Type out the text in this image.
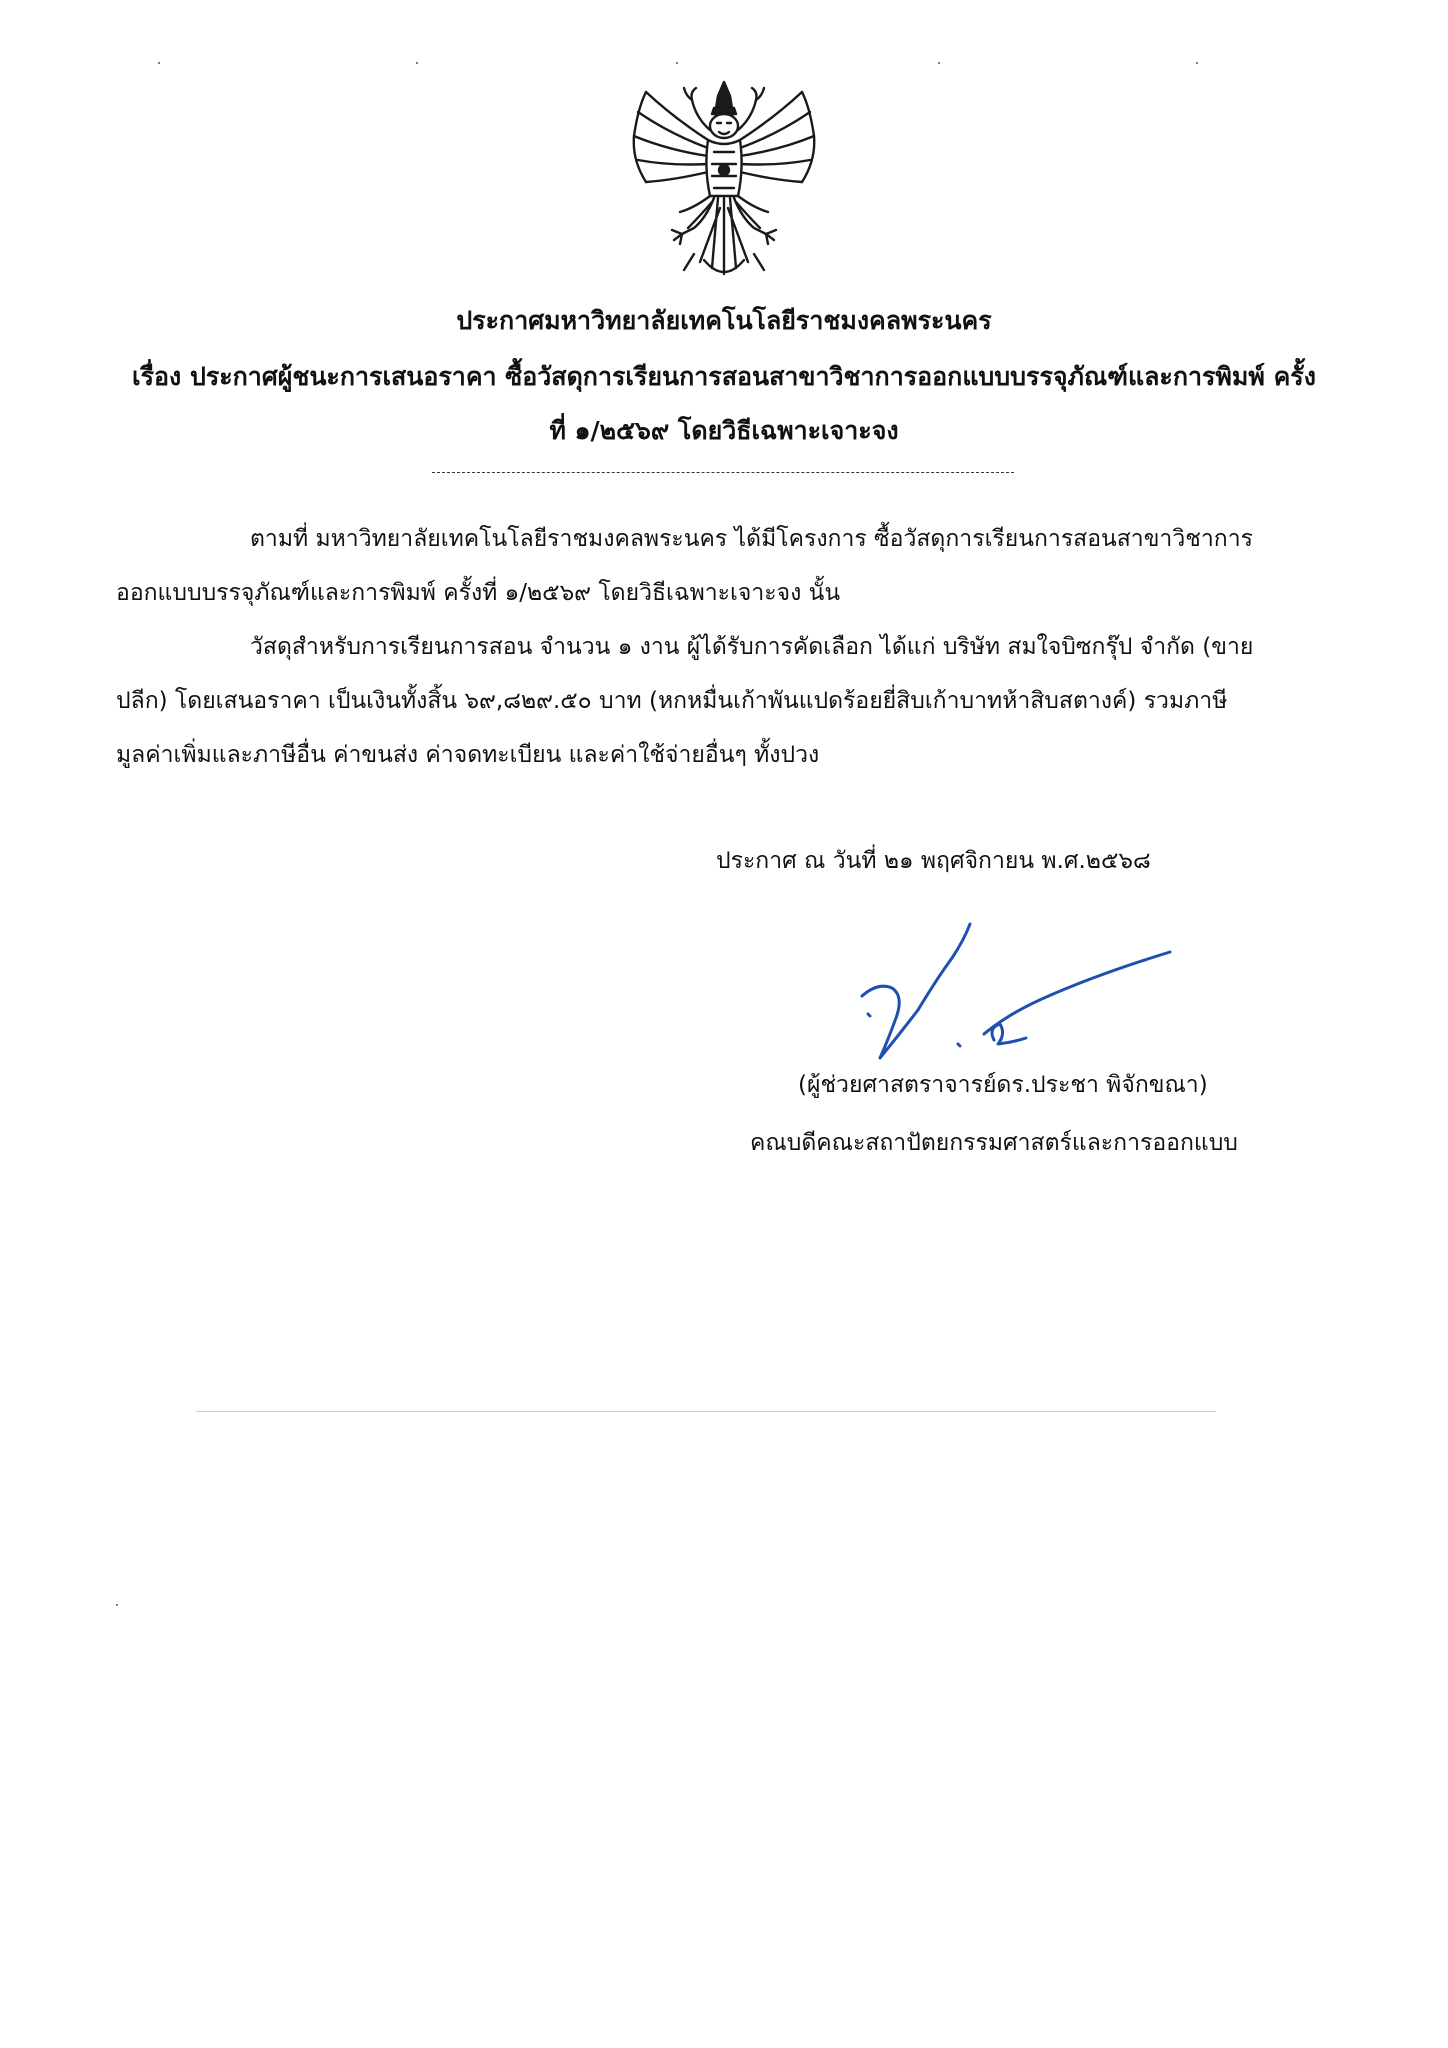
ประกาศมหาวิทยาลัยเทคโนโลยีราชมงคลพระนคร
เรื่อง ประกาศผู้ชนะการเสนอราคา ซื้อวัสดุการเรียนการสอนสาขาวิชาการออกแบบบรรจุภัณฑ์และการพิมพ์ ครั้ง
ที่ ๑/๒๕๖๙ โดยวิธีเฉพาะเจาะจง
ตามที่ มหาวิทยาลัยเทคโนโลยีราชมงคลพระนคร ได้มีโครงการ ซื้อวัสดุการเรียนการสอนสาขาวิชาการ
ออกแบบบรรจุภัณฑ์และการพิมพ์ ครั้งที่ ๑/๒๕๖๙ โดยวิธีเฉพาะเจาะจง นั้น
วัสดุสำหรับการเรียนการสอน จำนวน ๑ งาน ผู้ได้รับการคัดเลือก ได้แก่ บริษัท สมใจบิซกรุ๊ป จำกัด (ขาย
ปลีก) โดยเสนอราคา เป็นเงินทั้งสิ้น ๖๙,๘๒๙.๕๐ บาท (หกหมื่นเก้าพันแปดร้อยยี่สิบเก้าบาทห้าสิบสตางค์) รวมภาษี
มูลค่าเพิ่มและภาษีอื่น ค่าขนส่ง ค่าจดทะเบียน และค่าใช้จ่ายอื่นๆ ทั้งปวง
ประกาศ ณ วันที่ ๒๑ พฤศจิกายน พ.ศ.๒๕๖๘
(ผู้ช่วยศาสตราจารย์ดร.ประชา พิจักขณา)
คณบดีคณะสถาปัตยกรรมศาสตร์และการออกแบบ
